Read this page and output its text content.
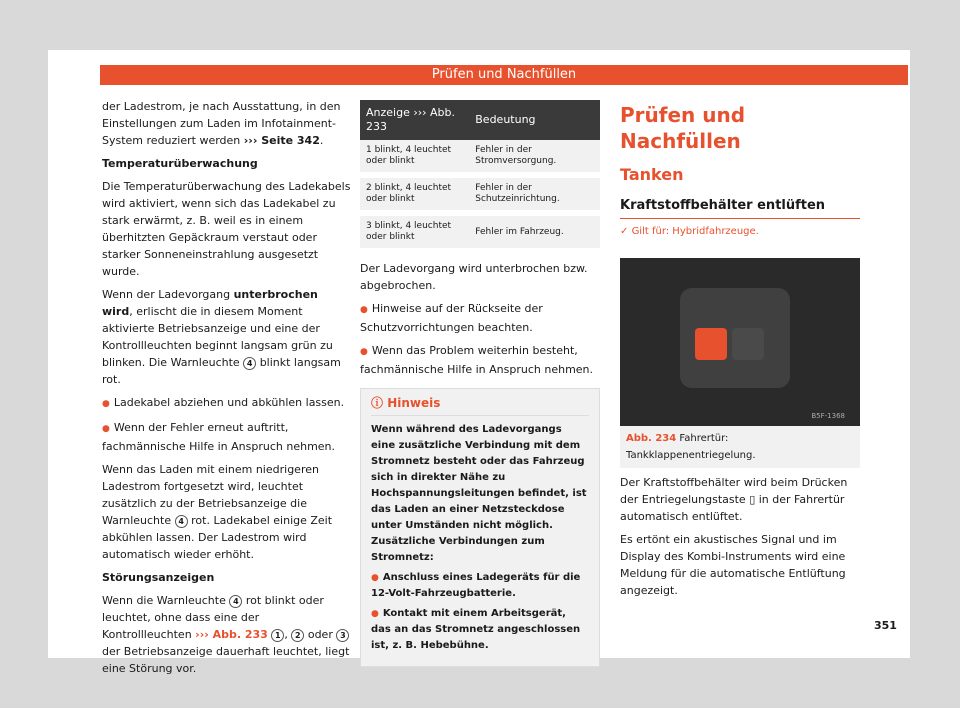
Prüfen und Nachfüllen

der Ladestrom, je nach Ausstattung, in den Einstellungen zum Laden im Infotainment-System reduziert werden ››› Seite 342.

Temperaturüberwachung

Die Temperaturüberwachung des Ladekabels wird aktiviert, wenn sich das Ladekabel zu stark erwärmt, z. B. weil es in einem überhitzten Gepäckraum verstaut oder starker Sonneneinstrahlung ausgesetzt wurde.

Wenn der Ladevorgang unterbrochen wird, erlischt die in diesem Moment aktivierte Betriebsanzeige und eine der Kontrollleuchten beginnt langsam grün zu blinken. Die Warnleuchte 4 blinkt langsam rot.

● Ladekabel abziehen und abkühlen lassen.

● Wenn der Fehler erneut auftritt, fachmännische Hilfe in Anspruch nehmen.

Wenn das Laden mit einem niedrigeren Ladestrom fortgesetzt wird, leuchtet zusätzlich zu der Betriebsanzeige die Warnleuchte 4 rot. Ladekabel einige Zeit abkühlen lassen. Der Ladestrom wird automatisch wieder erhöht.

Störungsanzeigen

Wenn die Warnleuchte 4 rot blinkt oder leuchtet, ohne dass eine der Kontrollleuchten ››› Abb. 233 1 , 2 oder 3 der Betriebsanzeige dauerhaft leuchtet, liegt eine Störung vor.

Anzeige ››› Abb. 233	Bedeutung
1 blinkt, 4 leuchtet oder blinkt	Fehler in der Stromversorgung.
2 blinkt, 4 leuchtet oder blinkt	Fehler in der Schutzeinrichtung.
3 blinkt, 4 leuchtet oder blinkt	Fehler im Fahrzeug.

Der Ladevorgang wird unterbrochen bzw. abgebrochen.

● Hinweise auf der Rückseite der Schutzvorrichtungen beachten.

● Wenn das Problem weiterhin besteht, fachmännische Hilfe in Anspruch nehmen.

ⓘ Hinweis

Wenn während des Ladevorgangs eine zusätzliche Verbindung mit dem Stromnetz besteht oder das Fahrzeug sich in direkter Nähe zu Hochspannungsleitungen befindet, ist das Laden an einer Netzsteckdose unter Umständen nicht möglich. Zusätzliche Verbindungen zum Stromnetz:

● Anschluss eines Ladegeräts für die 12-Volt-Fahrzeugbatterie.

● Kontakt mit einem Arbeitsgerät, das an das Stromnetz angeschlossen ist, z. B. Hebebühne.

Prüfen und Nachfüllen
Tanken
Kraftstoffbehälter entlüften
✓ Gilt für: Hybridfahrzeuge.
B5F-1368
Abb. 234 Fahrertür: Tankklappenentriegelung.

Der Kraftstoffbehälter wird beim Drücken der Entriegelungstaste ▯ in der Fahrertür automatisch entlüftet.

Es ertönt ein akustisches Signal und im Display des Kombi-Instruments wird eine Meldung für die automatische Entlüftung angezeigt.

351
